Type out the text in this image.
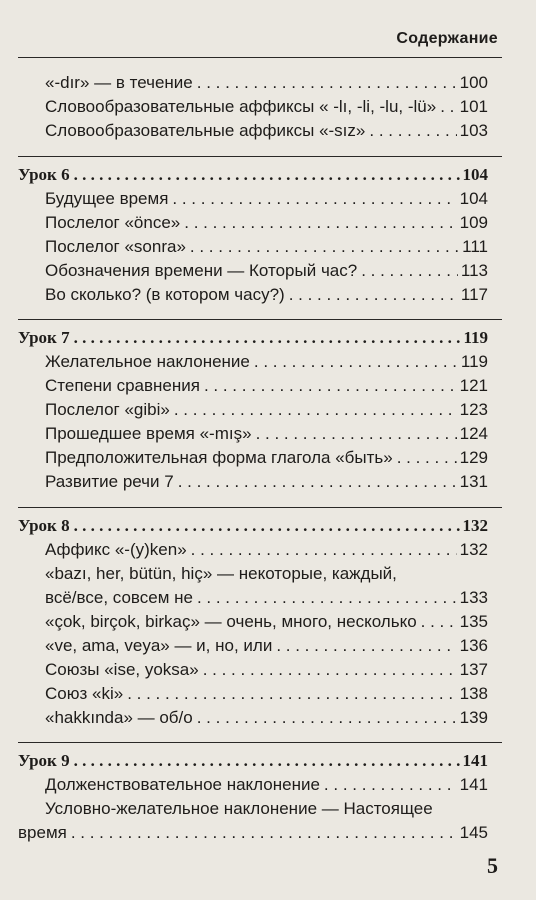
Содержание
«-dır» — в течение . . .	100
Словообразовательные аффиксы « -lı, -li, -lu, -lü» . . . 101
Словообразовательные аффиксы «-sız» . . .	103
Урок 6 . . .	104
Будущее время . . .	104
Послелог «önce» . . .	109
Послелог «sonra» . . .	111
Обозначения времени — Который час? . . .	113
Во сколько? (в котором часу?) . . .	117
Урок 7 . . .	119
Желательное наклонение . . .	119
Степени сравнения . . .	121
Послелог «gibi» . . .	123
Прошедшее время «-mış» . . .	124
Предположительная форма глагола «быть» . . .	129
Развитие речи 7 . . .	131
Урок 8 . . .	132
Аффикс «-(y)ken» . . .	132
«bazı, her, bütün, hiç» — некоторые, каждый,
всё/все, совсем не . . .	133
«çok, birçok, birkaç» — очень, много, несколько . . .	135
«ve, ama, veya» — и, но, или . . .	136
Союзы «ise, yoksa» . . .	137
Союз «ki» . . .	138
«hakkında» — об/о . . .	139
Урок 9 . . .	141
Долженствовательное наклонение . . .	141
Условно-желательное наклонение — Настоящее
время . . .	145
5
